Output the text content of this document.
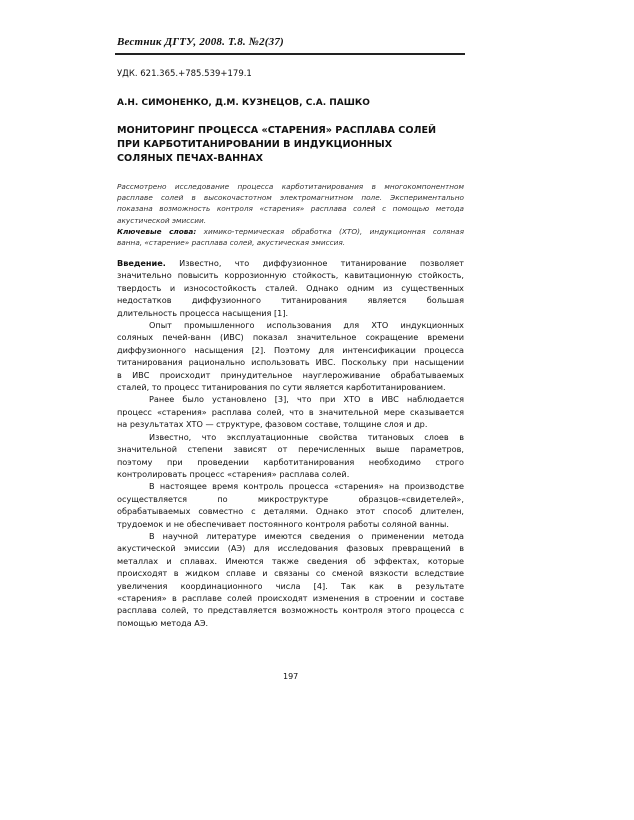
Вестник ДГТУ, 2008. Т.8. №2(37)
УДК. 621.365.+785.539+179.1
А.Н. СИМОНЕНКО, Д.М. КУЗНЕЦОВ, С.А. ПАШКО
МОНИТОРИНГ ПРОЦЕССА «СТАРЕНИЯ» РАСПЛАВА СОЛЕЙ
ПРИ КАРБОТИТАНИРОВАНИИ В ИНДУКЦИОННЫХ
СОЛЯНЫХ ПЕЧАХ-ВАННАХ
Рассмотрено исследование процесса карботитанирования в многокомпонентном
расплаве солей в высокочастотном электромагнитном поле. Экспериментально
показана возможность контроля «старения» расплава солей с помощью метода
акустической эмиссии.
Ключевые слова: химико-термическая обработка (ХТО), индукционная соляная
ванна, «старение» расплава солей, акустическая эмиссия.
Введение. Известно, что диффузионное титанирование позволяет
значительно повысить коррозионную стойкость, кавитационную стойкость,
твердость и износостойкость сталей. Однако одним из существенных
недостатков диффузионного титанирования является большая
длительность процесса насыщения [1].
Опыт промышленного использования для ХТО индукционных
соляных печей-ванн (ИВС) показал значительное сокращение времени
диффузионного насыщения [2]. Поэтому для интенсификации процесса
титанирования рационально использовать ИВС. Поскольку при насыщении
в ИВС происходит принудительное науглероживание обрабатываемых
сталей, то процесс титанирования по сути является карботитанированием.
Ранее было установлено [3], что при ХТО в ИВС наблюдается
процесс «старения» расплава солей, что в значительной мере сказывается
на результатах ХТО — структуре, фазовом составе, толщине слоя и др.
Известно, что эксплуатационные свойства титановых слоев в
значительной степени зависят от перечисленных выше параметров,
поэтому при проведении карботитанирования необходимо строго
контролировать процесс «старения» расплава солей.
В настоящее время контроль процесса «старения» на производстве
осуществляется по микроструктуре образцов-«свидетелей»,
обрабатываемых совместно с деталями. Однако этот способ длителен,
трудоемок и не обеспечивает постоянного контроля работы соляной ванны.
В научной литературе имеются сведения о применении метода
акустической эмиссии (АЭ) для исследования фазовых превращений в
металлах и сплавах. Имеются также сведения об эффектах, которые
происходят в жидком сплаве и связаны со сменой вязкости вследствие
увеличения координационного числа [4]. Так как в результате
«старения» в расплаве солей происходят изменения в строении и составе
расплава солей, то представляется возможность контроля этого процесса с
помощью метода АЭ.
197
